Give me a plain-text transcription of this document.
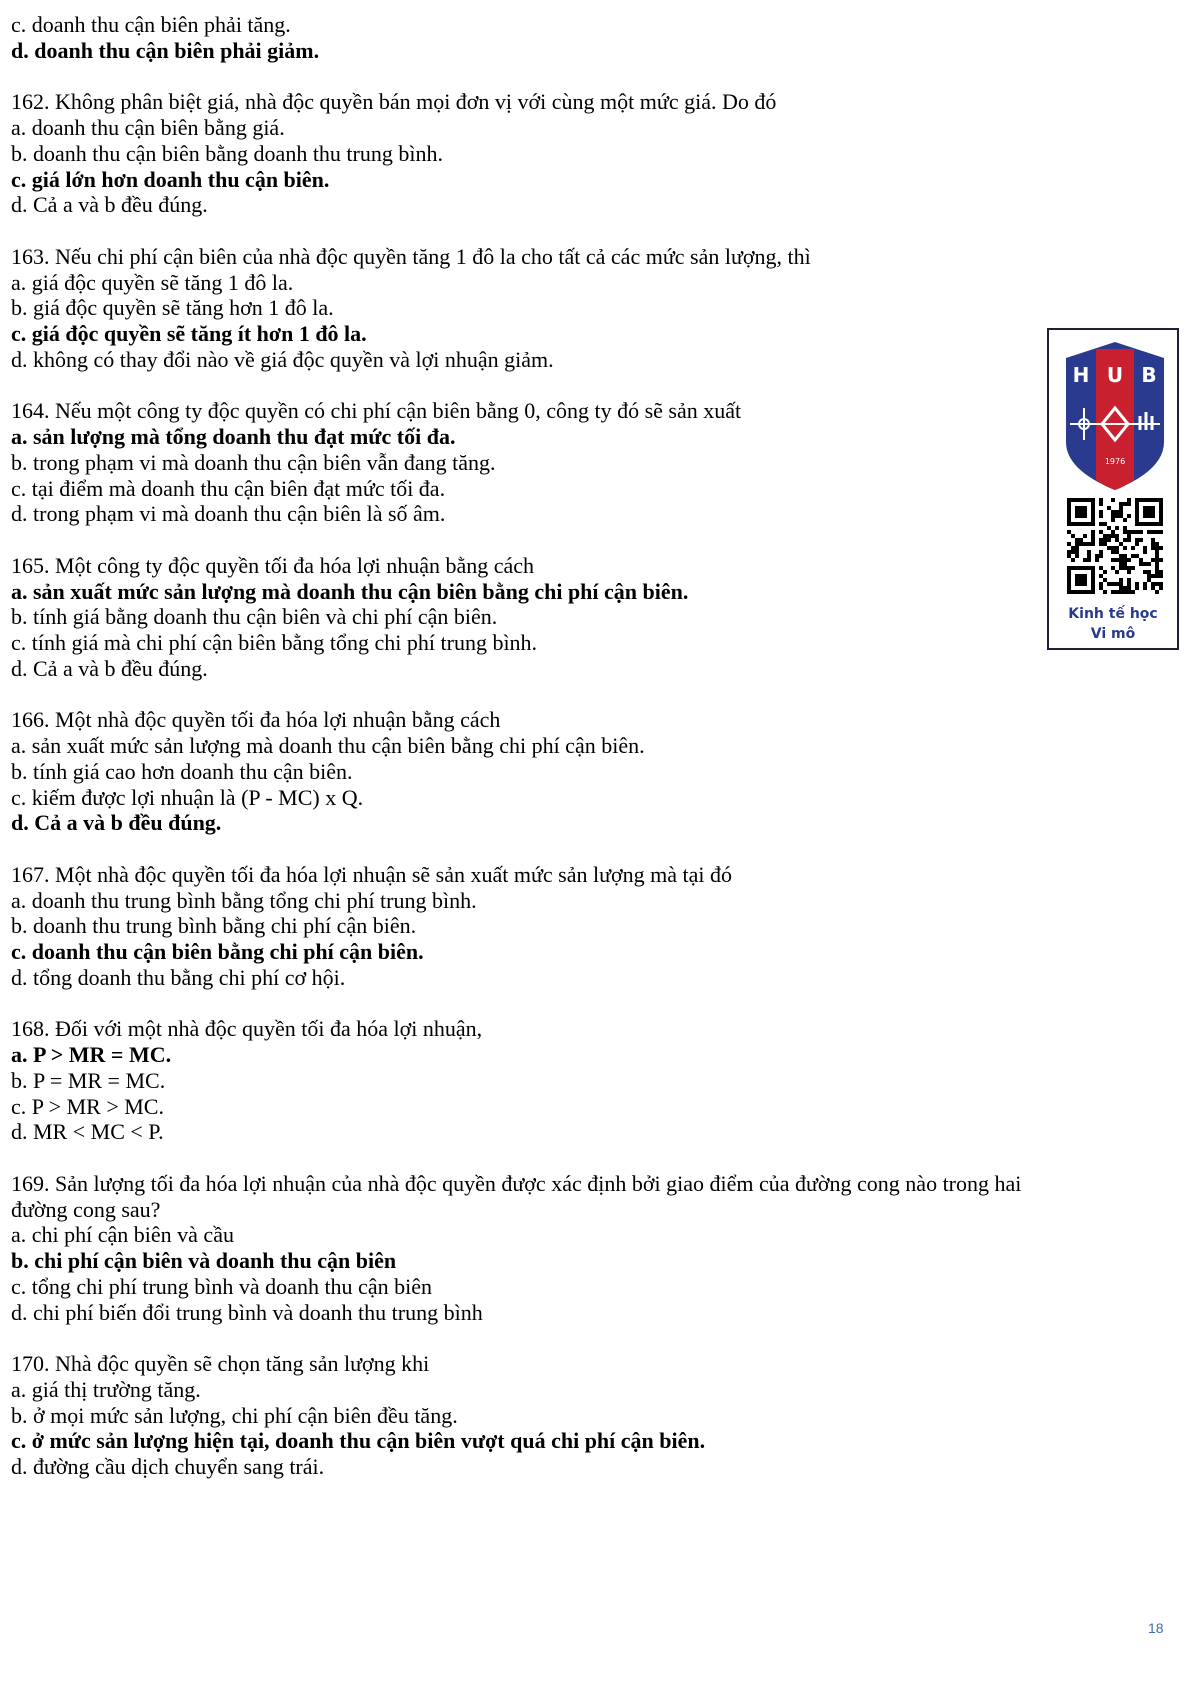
c. doanh thu cận biên phải tăng.
d. doanh thu cận biên phải giảm.
162. Không phân biệt giá, nhà độc quyền bán mọi đơn vị với cùng một mức giá. Do đó
a. doanh thu cận biên bằng giá.
b. doanh thu cận biên bằng doanh thu trung bình.
c. giá lớn hơn doanh thu cận biên.
d. Cả a và b đều đúng.
163. Nếu chi phí cận biên của nhà độc quyền tăng 1 đô la cho tất cả các mức sản lượng, thì
a. giá độc quyền sẽ tăng 1 đô la.
b. giá độc quyền sẽ tăng hơn 1 đô la.
c. giá độc quyền sẽ tăng ít hơn 1 đô la.
d. không có thay đổi nào về giá độc quyền và lợi nhuận giảm.
164. Nếu một công ty độc quyền có chi phí cận biên bằng 0, công ty đó sẽ sản xuất
a. sản lượng mà tổng doanh thu đạt mức tối đa.
b. trong phạm vi mà doanh thu cận biên vẫn đang tăng.
c. tại điểm mà doanh thu cận biên đạt mức tối đa.
d. trong phạm vi mà doanh thu cận biên là số âm.
165. Một công ty độc quyền tối đa hóa lợi nhuận bằng cách
a. sản xuất mức sản lượng mà doanh thu cận biên bằng chi phí cận biên.
b. tính giá bằng doanh thu cận biên và chi phí cận biên.
c. tính giá mà chi phí cận biên bằng tổng chi phí trung bình.
d. Cả a và b đều đúng.
166. Một nhà độc quyền tối đa hóa lợi nhuận bằng cách
a. sản xuất mức sản lượng mà doanh thu cận biên bằng chi phí cận biên.
b. tính giá cao hơn doanh thu cận biên.
c. kiếm được lợi nhuận là (P - MC) x Q.
d. Cả a và b đều đúng.
167. Một nhà độc quyền tối đa hóa lợi nhuận sẽ sản xuất mức sản lượng mà tại đó
a. doanh thu trung bình bằng tổng chi phí trung bình.
b. doanh thu trung bình bằng chi phí cận biên.
c. doanh thu cận biên bằng chi phí cận biên.
d. tổng doanh thu bằng chi phí cơ hội.
168. Đối với một nhà độc quyền tối đa hóa lợi nhuận,
a. P > MR = MC.
b. P = MR = MC.
c. P > MR > MC.
d. MR < MC < P.
169. Sản lượng tối đa hóa lợi nhuận của nhà độc quyền được xác định bởi giao điểm của đường cong nào trong hai
đường cong sau?
a. chi phí cận biên và cầu
b. chi phí cận biên và doanh thu cận biên
c. tổng chi phí trung bình và doanh thu cận biên
d. chi phí biến đổi trung bình và doanh thu trung bình
170. Nhà độc quyền sẽ chọn tăng sản lượng khi
a. giá thị trường tăng.
b. ở mọi mức sản lượng, chi phí cận biên đều tăng.
c. ở mức sản lượng hiện tại, doanh thu cận biên vượt quá chi phí cận biên.
d. đường cầu dịch chuyển sang trái.
H U B
1976
Kinh tế học
Vi mô
18
